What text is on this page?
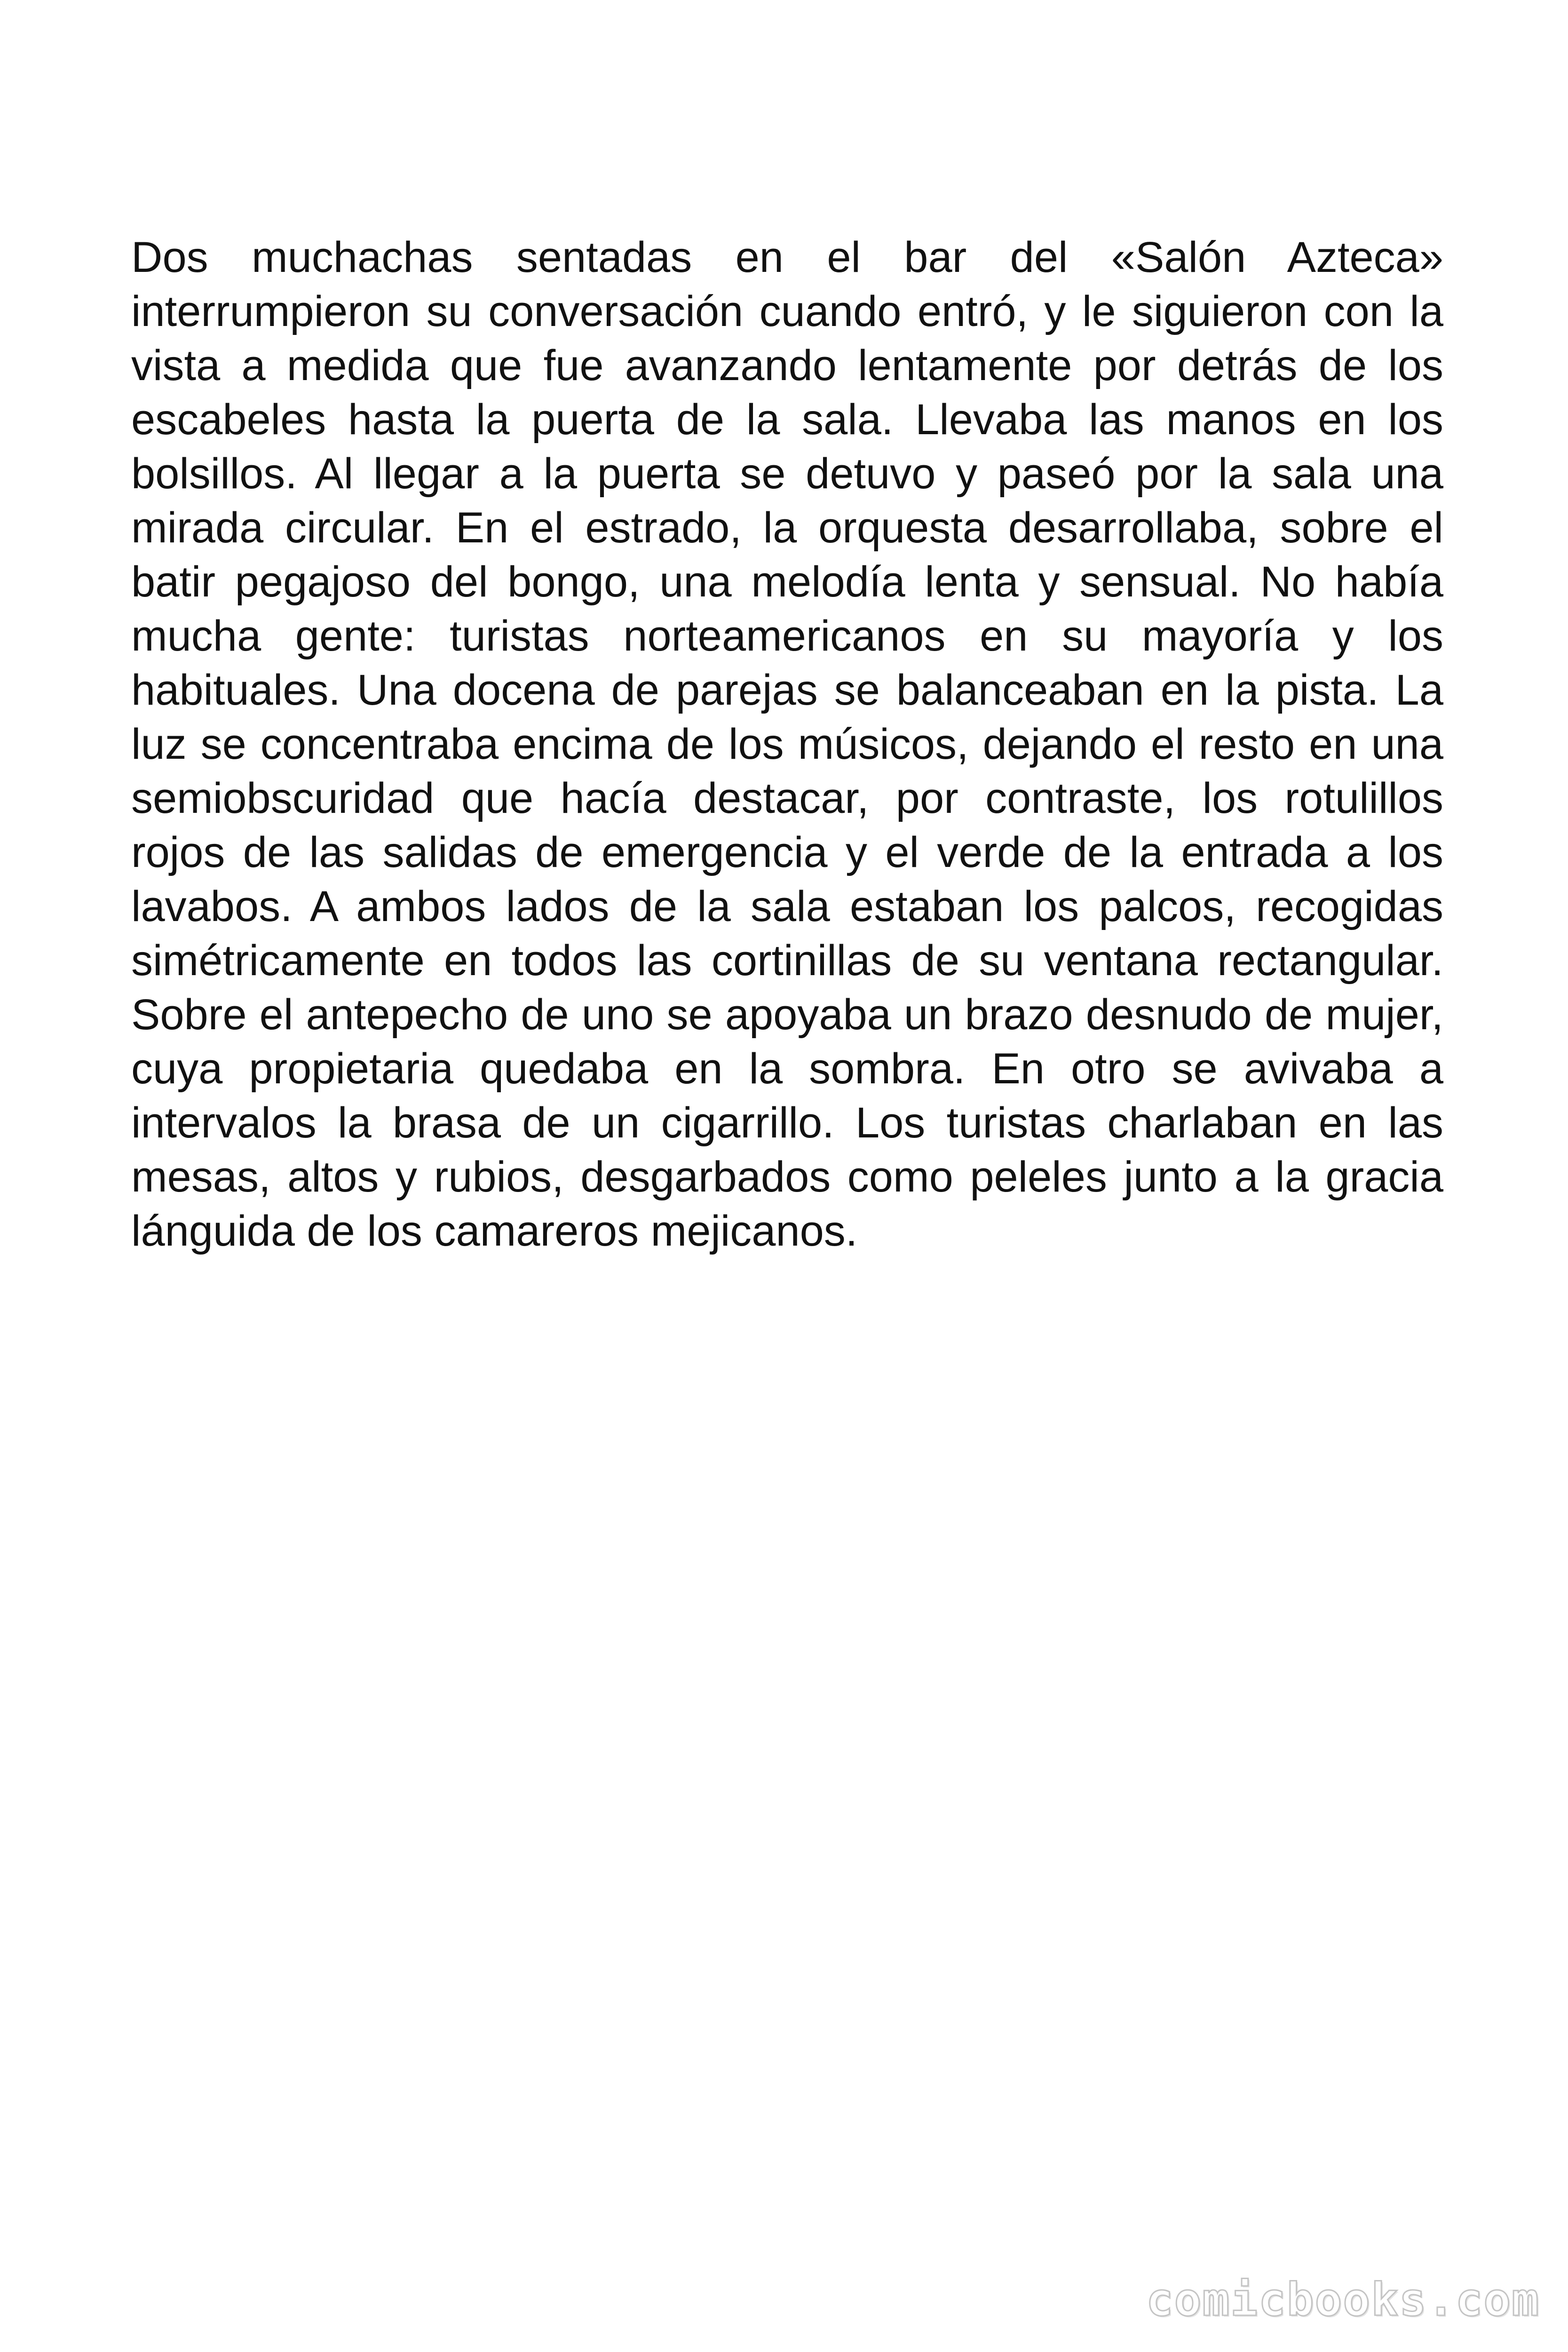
Dos muchachas sentadas en el bar del «Salón Azteca»
interrumpieron su conversación cuando entró, y le siguieron con la
vista a medida que fue avanzando lentamente por detrás de los
escabeles hasta la puerta de la sala. Llevaba las manos en los
bolsillos. Al llegar a la puerta se detuvo y paseó por la sala una
mirada circular. En el estrado, la orquesta desarrollaba, sobre el
batir pegajoso del bongo, una melodía lenta y sensual. No había
mucha gente: turistas norteamericanos en su mayoría y los
habituales. Una docena de parejas se balanceaban en la pista. La
luz se concentraba encima de los músicos, dejando el resto en una
semiobscuridad que hacía destacar, por contraste, los rotulillos
rojos de las salidas de emergencia y el verde de la entrada a los
lavabos. A ambos lados de la sala estaban los palcos, recogidas
simétricamente en todos las cortinillas de su ventana rectangular.
Sobre el antepecho de uno se apoyaba un brazo desnudo de mujer,
cuya propietaria quedaba en la sombra. En otro se avivaba a
intervalos la brasa de un cigarrillo. Los turistas charlaban en las
mesas, altos y rubios, desgarbados como peleles junto a la gracia
lánguida de los camareros mejicanos.
comicbooks.com
